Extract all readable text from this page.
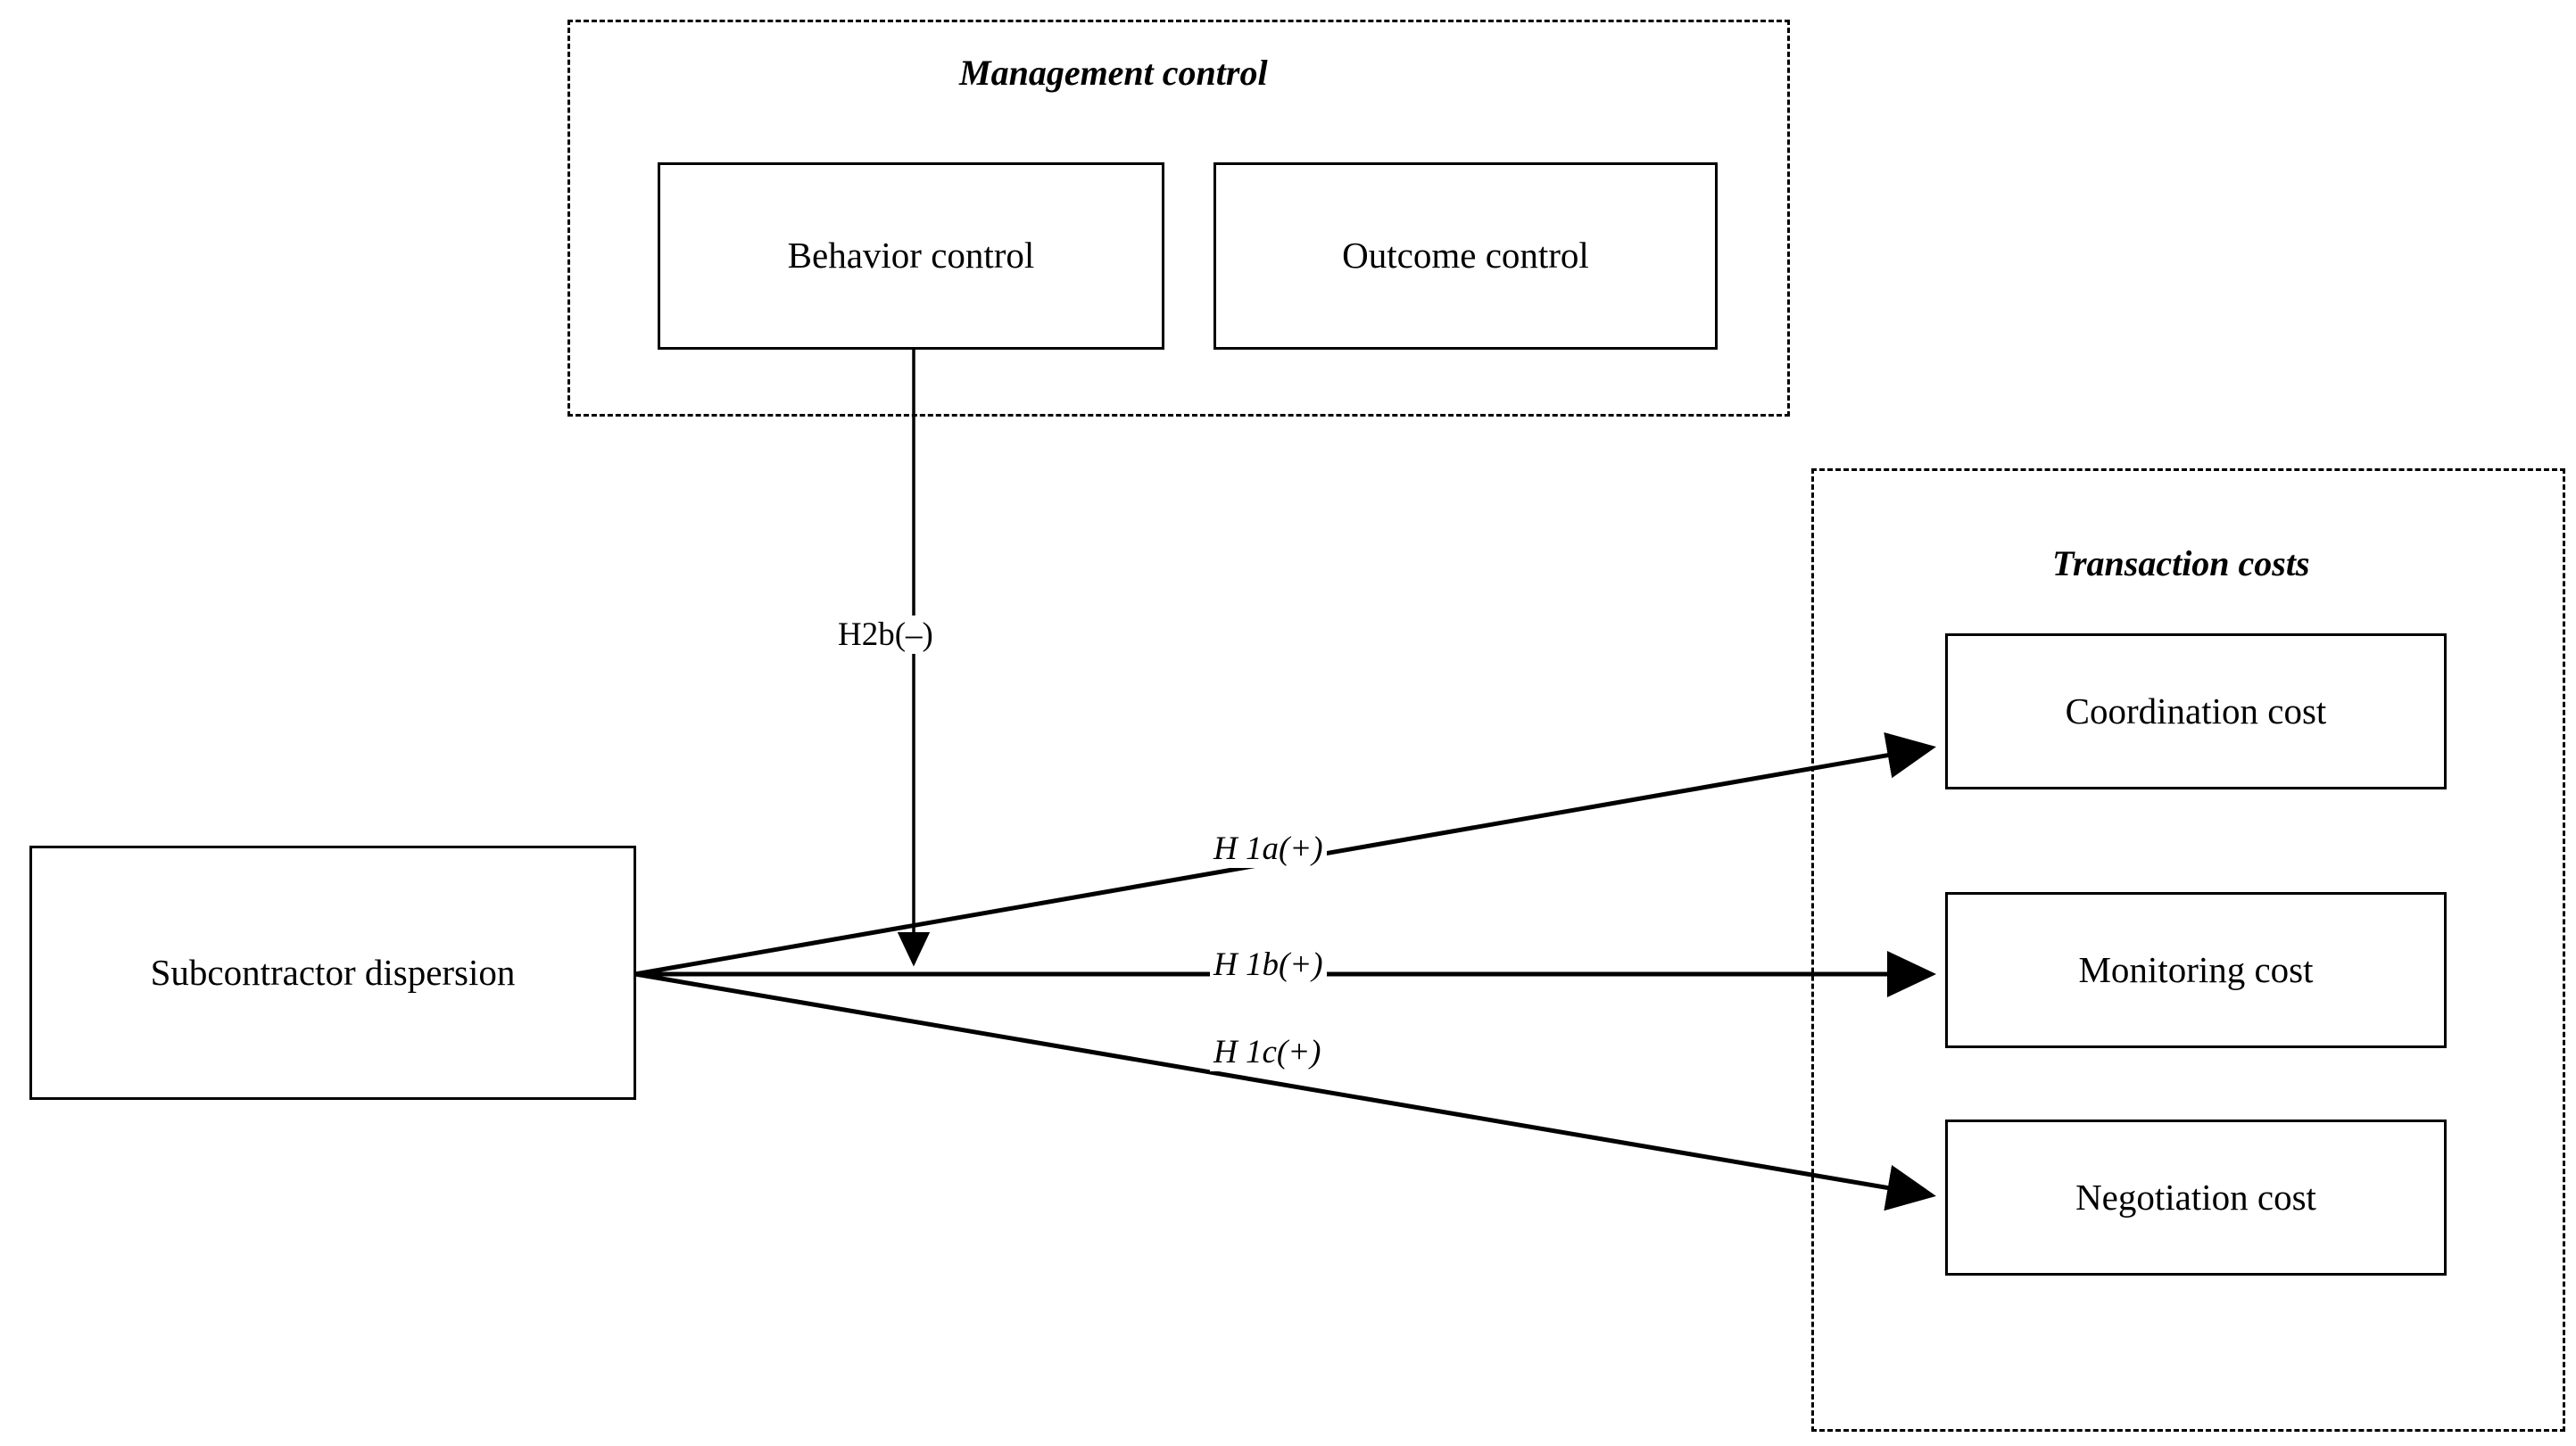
Management control
Transaction costs
Behavior control	Outcome control
Subcontractor dispersion
Coordination cost
Monitoring cost
Negotiation cost
H2b(–)
H 1a(+)
H 1b(+)
H 1c(+)
